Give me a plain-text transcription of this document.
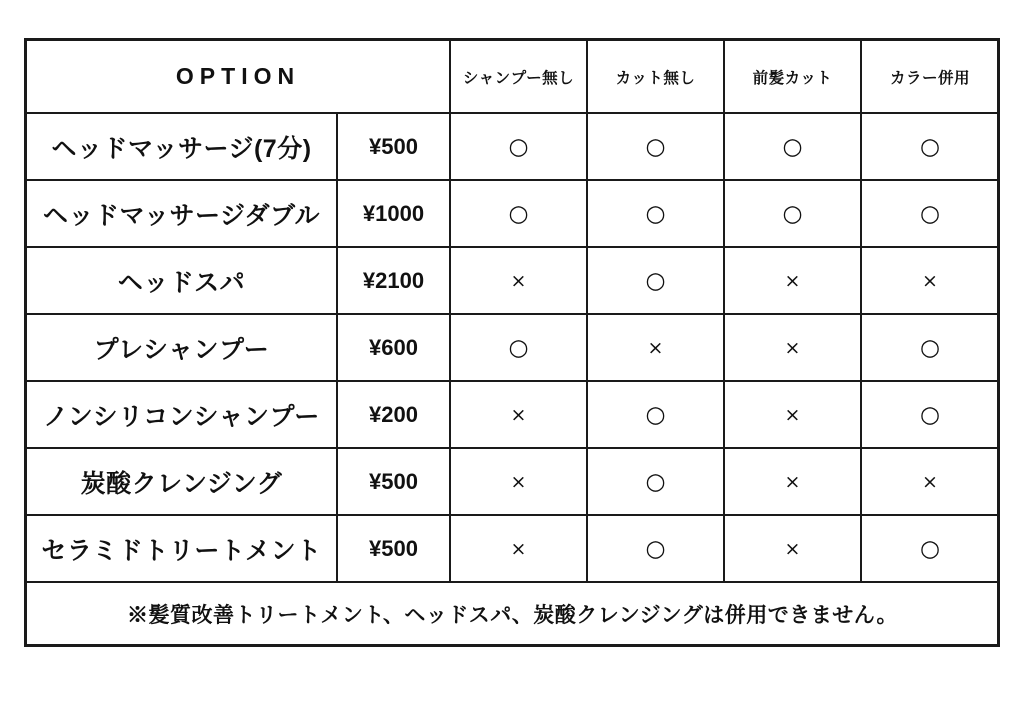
OPTION		シャンプー無し	カット無し	前髪カット	カラー併用
ヘッドマッサージ(7分)	¥500	○	○	○	○
ヘッドマッサージダブル	¥1000	○	○	○	○
ヘッドスパ	¥2100	×	○	×	×
プレシャンプー	¥600	○	×	×	○
ノンシリコンシャンプー	¥200	×	○	×	○
炭酸クレンジング	¥500	×	○	×	×
セラミドトリートメント	¥500	×	○	×	○
※髪質改善トリートメント、ヘッドスパ、炭酸クレンジングは併用できません。					
